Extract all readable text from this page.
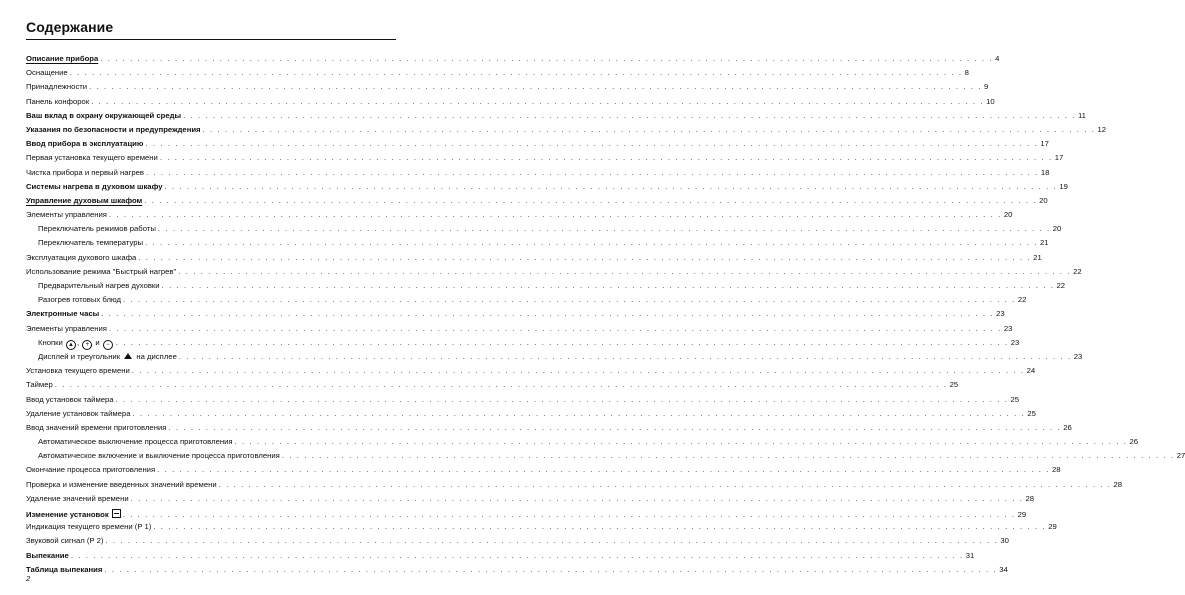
Содержание
Описание прибора . . . . . . . . . . . . . . . . . . . . . . . . . . . . . . . . . . . . . . . . . . . . . . . . . . . . . . . . . . . . . . . . . . . . . . . . . . . . . . . . . . . . . . . . . . . . . . . . . . . . . . . . . . . . . . . . . . . . . . . . 4
Оснащение . . . . . . . . . . . . . . . . . . . . . . . . . . . . . . . . . . . . . . . . . . . . . . . . . . . . . . . . . . . . . . . . . . . . . . . . . . . . . . . . . . . . . . . . . . . . . . . . . . . . . . . . . . . . . . . . . . . . . . . . 8
Принадлежности . . . . . . . . . . . . . . . . . . . . . . . . . . . . . . . . . . . . . . . . . . . . . . . . . . . . . . . . . . . . . . . . . . . . . . . . . . . . . . . . . . . . . . . . . . . . . . . . . . . . . . . . . . . . . . . . . . . . . . . . 9
Панель конфорок . . . . . . . . . . . . . . . . . . . . . . . . . . . . . . . . . . . . . . . . . . . . . . . . . . . . . . . . . . . . . . . . . . . . . . . . . . . . . . . . . . . . . . . . . . . . . . . . . . . . . . . . . . . . . . . . . . . . . . . . 10
Ваш вклад в охрану окружающей среды . . . . . . . . . . . . . . . . . . . . . . . . . . . . . . . . . . . . . . . . . . . . . . . . . . . . . . . . . . . . . . . . . . . . . . . . . . . . . . . . . . . . . . . . . . . . . . . . . . . . . . . . . . . . . . . . . . . . . . . . 11
Указания по безопасности и предупреждения . . . . . . . . . . . . . . . . . . . . . . . . . . . . . . . . . . . . . . . . . . . . . . . . . . . . . . . . . . . . . . . . . . . . . . . . . . . . . . . . . . . . . . . . . . . . . . . . . . . . . . . . . . . . . . . . . . . . . . . . 12
Ввод прибора в эксплуатацию . . . . . . . . . . . . . . . . . . . . . . . . . . . . . . . . . . . . . . . . . . . . . . . . . . . . . . . . . . . . . . . . . . . . . . . . . . . . . . . . . . . . . . . . . . . . . . . . . . . . . . . . . . . . . . . . . . . . . . . . 17
Первая установка текущего времени . . . . . . . . . . . . . . . . . . . . . . . . . . . . . . . . . . . . . . . . . . . . . . . . . . . . . . . . . . . . . . . . . . . . . . . . . . . . . . . . . . . . . . . . . . . . . . . . . . . . . . . . . . . . . . . . . . . . . . . . 17
Чистка прибора и первый нагрев . . . . . . . . . . . . . . . . . . . . . . . . . . . . . . . . . . . . . . . . . . . . . . . . . . . . . . . . . . . . . . . . . . . . . . . . . . . . . . . . . . . . . . . . . . . . . . . . . . . . . . . . . . . . . . . . . . . . . . . . 18
Системы нагрева в духовом шкафу . . . . . . . . . . . . . . . . . . . . . . . . . . . . . . . . . . . . . . . . . . . . . . . . . . . . . . . . . . . . . . . . . . . . . . . . . . . . . . . . . . . . . . . . . . . . . . . . . . . . . . . . . . . . . . . . . . . . . . . . 19
Управление духовым шкафом . . . . . . . . . . . . . . . . . . . . . . . . . . . . . . . . . . . . . . . . . . . . . . . . . . . . . . . . . . . . . . . . . . . . . . . . . . . . . . . . . . . . . . . . . . . . . . . . . . . . . . . . . . . . . . . . . . . . . . . . 20
Элементы управления . . . . . . . . . . . . . . . . . . . . . . . . . . . . . . . . . . . . . . . . . . . . . . . . . . . . . . . . . . . . . . . . . . . . . . . . . . . . . . . . . . . . . . . . . . . . . . . . . . . . . . . . . . . . . . . . . . . . . . . . 20
Переключатель режимов работы . . . . . . . . . . . . . . . . . . . . . . . . . . . . . . . . . . . . . . . . . . . . . . . . . . . . . . . . . . . . . . . . . . . . . . . . . . . . . . . . . . . . . . . . . . . . . . . . . . . . . . . . . . . . . . . . . . . . . . . . 20
Переключатель температуры . . . . . . . . . . . . . . . . . . . . . . . . . . . . . . . . . . . . . . . . . . . . . . . . . . . . . . . . . . . . . . . . . . . . . . . . . . . . . . . . . . . . . . . . . . . . . . . . . . . . . . . . . . . . . . . . . . . . . . . . 21
Эксплуатация духового шкафа . . . . . . . . . . . . . . . . . . . . . . . . . . . . . . . . . . . . . . . . . . . . . . . . . . . . . . . . . . . . . . . . . . . . . . . . . . . . . . . . . . . . . . . . . . . . . . . . . . . . . . . . . . . . . . . . . . . . . . . . 21
Использование режима "Быстрый нагрев" . . . . . . . . . . . . . . . . . . . . . . . . . . . . . . . . . . . . . . . . . . . . . . . . . . . . . . . . . . . . . . . . . . . . . . . . . . . . . . . . . . . . . . . . . . . . . . . . . . . . . . . . . . . . . . . . . . . . . . . . 22
Предварительный нагрев духовки . . . . . . . . . . . . . . . . . . . . . . . . . . . . . . . . . . . . . . . . . . . . . . . . . . . . . . . . . . . . . . . . . . . . . . . . . . . . . . . . . . . . . . . . . . . . . . . . . . . . . . . . . . . . . . . . . . . . . . . . 22
Разогрев готовых блюд . . . . . . . . . . . . . . . . . . . . . . . . . . . . . . . . . . . . . . . . . . . . . . . . . . . . . . . . . . . . . . . . . . . . . . . . . . . . . . . . . . . . . . . . . . . . . . . . . . . . . . . . . . . . . . . . . . . . . . . . 22
Электронные часы . . . . . . . . . . . . . . . . . . . . . . . . . . . . . . . . . . . . . . . . . . . . . . . . . . . . . . . . . . . . . . . . . . . . . . . . . . . . . . . . . . . . . . . . . . . . . . . . . . . . . . . . . . . . . . . . . . . . . . . . 23
Элементы управления . . . . . . . . . . . . . . . . . . . . . . . . . . . . . . . . . . . . . . . . . . . . . . . . . . . . . . . . . . . . . . . . . . . . . . . . . . . . . . . . . . . . . . . . . . . . . . . . . . . . . . . . . . . . . . . . . . . . . . . . 23
Кнопки ▲ , + и − . . . . . . . . . . . . . . . . . . . . . . . . . . . . . . . . . . . . . . . . . . . . . . . . . . . . . . . . . . . . . . . . . . . . . . . . . . . . . . . . . . . . . . . . . . . . . . . . . . . . . . . . . . . . . . . . . . . . . . . . 23
Дисплей и треугольник на дисплее . . . . . . . . . . . . . . . . . . . . . . . . . . . . . . . . . . . . . . . . . . . . . . . . . . . . . . . . . . . . . . . . . . . . . . . . . . . . . . . . . . . . . . . . . . . . . . . . . . . . . . . . . . . . . . . . . . . . . . . . 23
Установка текущего времени . . . . . . . . . . . . . . . . . . . . . . . . . . . . . . . . . . . . . . . . . . . . . . . . . . . . . . . . . . . . . . . . . . . . . . . . . . . . . . . . . . . . . . . . . . . . . . . . . . . . . . . . . . . . . . . . . . . . . . . . 24
Таймер . . . . . . . . . . . . . . . . . . . . . . . . . . . . . . . . . . . . . . . . . . . . . . . . . . . . . . . . . . . . . . . . . . . . . . . . . . . . . . . . . . . . . . . . . . . . . . . . . . . . . . . . . . . . . . . . . . . . . . . . 25
Ввод установок таймера . . . . . . . . . . . . . . . . . . . . . . . . . . . . . . . . . . . . . . . . . . . . . . . . . . . . . . . . . . . . . . . . . . . . . . . . . . . . . . . . . . . . . . . . . . . . . . . . . . . . . . . . . . . . . . . . . . . . . . . . 25
Удаление установок таймера . . . . . . . . . . . . . . . . . . . . . . . . . . . . . . . . . . . . . . . . . . . . . . . . . . . . . . . . . . . . . . . . . . . . . . . . . . . . . . . . . . . . . . . . . . . . . . . . . . . . . . . . . . . . . . . . . . . . . . . . 25
Ввод значений времени приготовления . . . . . . . . . . . . . . . . . . . . . . . . . . . . . . . . . . . . . . . . . . . . . . . . . . . . . . . . . . . . . . . . . . . . . . . . . . . . . . . . . . . . . . . . . . . . . . . . . . . . . . . . . . . . . . . . . . . . . . . . 26
Автоматическое выключение процесса приготовления . . . . . . . . . . . . . . . . . . . . . . . . . . . . . . . . . . . . . . . . . . . . . . . . . . . . . . . . . . . . . . . . . . . . . . . . . . . . . . . . . . . . . . . . . . . . . . . . . . . . . . . . . . . . . . . . . . . . . . . . 26
Автоматическое включение и выключение процесса приготовления . . . . . . . . . . . . . . . . . . . . . . . . . . . . . . . . . . . . . . . . . . . . . . . . . . . . . . . . . . . . . . . . . . . . . . . . . . . . . . . . . . . . . . . . . . . . . . . . . . . . . . . . . . . . . . . . . . . . . . . . 27
Окончание процесса приготовления . . . . . . . . . . . . . . . . . . . . . . . . . . . . . . . . . . . . . . . . . . . . . . . . . . . . . . . . . . . . . . . . . . . . . . . . . . . . . . . . . . . . . . . . . . . . . . . . . . . . . . . . . . . . . . . . . . . . . . . . 28
Проверка и изменение введенных значений времени . . . . . . . . . . . . . . . . . . . . . . . . . . . . . . . . . . . . . . . . . . . . . . . . . . . . . . . . . . . . . . . . . . . . . . . . . . . . . . . . . . . . . . . . . . . . . . . . . . . . . . . . . . . . . . . . . . . . . . . . 28
Удаление значений времени . . . . . . . . . . . . . . . . . . . . . . . . . . . . . . . . . . . . . . . . . . . . . . . . . . . . . . . . . . . . . . . . . . . . . . . . . . . . . . . . . . . . . . . . . . . . . . . . . . . . . . . . . . . . . . . . . . . . . . . . 28
Изменение установок	. . . . . . . . . . . . . . . . . . . . . . . . . . . . . . . . . . . . . . . . . . . . . . . . . . . . . . . . . . . . . . . . . . . . . . . . . . . . . . . . . . . . . . . . . . . . . . . . . . . . . . . . . . . . . . . . . . . . . . . . 29
Индикация текущего времени (P 1) . . . . . . . . . . . . . . . . . . . . . . . . . . . . . . . . . . . . . . . . . . . . . . . . . . . . . . . . . . . . . . . . . . . . . . . . . . . . . . . . . . . . . . . . . . . . . . . . . . . . . . . . . . . . . . . . . . . . . . . . 29
Звуковой сигнал (P 2) . . . . . . . . . . . . . . . . . . . . . . . . . . . . . . . . . . . . . . . . . . . . . . . . . . . . . . . . . . . . . . . . . . . . . . . . . . . . . . . . . . . . . . . . . . . . . . . . . . . . . . . . . . . . . . . . . . . . . . . . 30
Выпекание . . . . . . . . . . . . . . . . . . . . . . . . . . . . . . . . . . . . . . . . . . . . . . . . . . . . . . . . . . . . . . . . . . . . . . . . . . . . . . . . . . . . . . . . . . . . . . . . . . . . . . . . . . . . . . . . . . . . . . . . 31
Таблица выпекания . . . . . . . . . . . . . . . . . . . . . . . . . . . . . . . . . . . . . . . . . . . . . . . . . . . . . . . . . . . . . . . . . . . . . . . . . . . . . . . . . . . . . . . . . . . . . . . . . . . . . . . . . . . . . . . . . . . . . . . . 34
2
